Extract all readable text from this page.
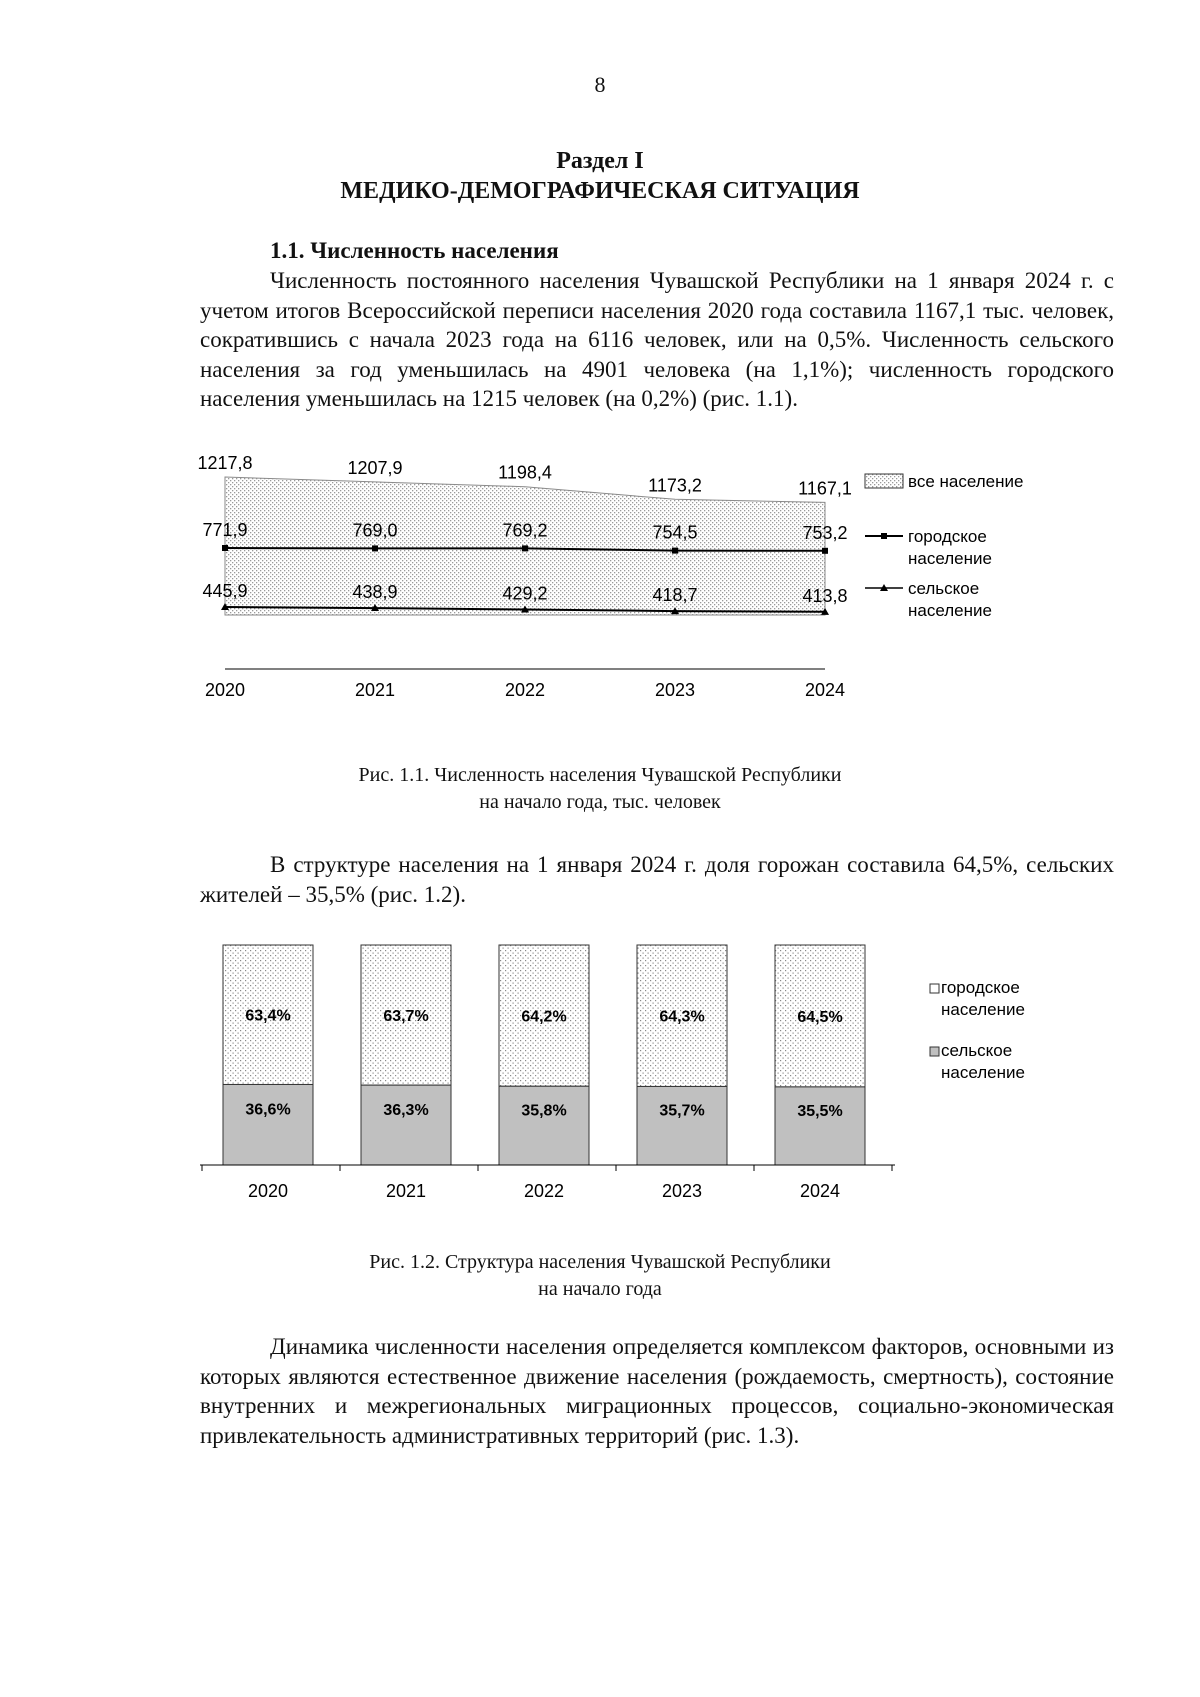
8
Раздел I
МЕДИКО-ДЕМОГРАФИЧЕСКАЯ СИТУАЦИЯ
1.1. Численность населения

Численность постоянного населения Чувашской Республики на 1 января 2024 г. с учетом итогов Всероссийской переписи населения 2020 года составила 1167,1 тыс. человек, сократившись с начала 2023 года на 6116 человек, или на 0,5%. Численность сельского населения за год уменьшилась на 4901 человека (на 1,1%); численность городского населения уменьшилась на 1215 человек (на 0,2%) (рис. 1.1).

1217,8	1207,9	1198,4
1173,2	1167,1
771,9	769,0	769,2	754,5	753,2
445,9	438,9	429,2	418,7	413,8
2020	2021	2022	2023	2024
все население
городское
население
сельское
население
Рис. 1.1. Численность населения Чувашской Республики
на начало года, тыс. человек

В структуре населения на 1 января 2024 г. доля горожан составила 64,5%, сельских жителей – 35,5% (рис. 1.2).

63,4%
36,6%
63,7%
36,3%
64,2%
35,8%
64,3%
35,7%
64,5%
35,5%
2020	2021	2022	2023	2024
городское
население
сельское
население
Рис. 1.2. Структура населения Чувашской Республики
на начало года

Динамика численности населения определяется комплексом факторов, основными из которых являются естественное движение населения (рождаемость, смертность), состояние внутренних и межрегиональных миграционных процессов, социально-экономическая привлекательность административных территорий (рис. 1.3).
